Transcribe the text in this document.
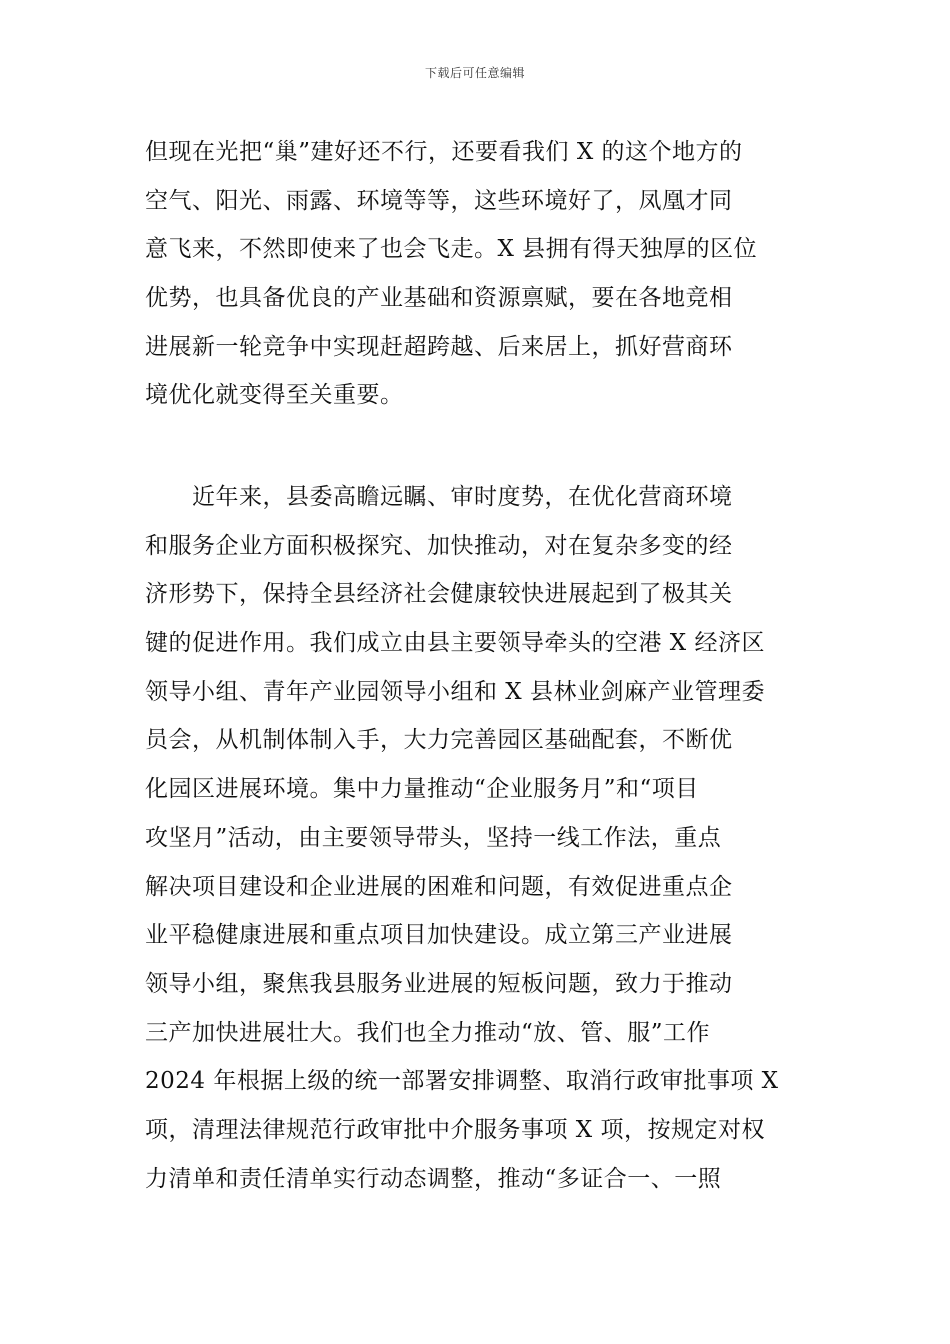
下载后可任意编辑
但现在光把“巢”建好还不行，还要看我们 X 的这个地方的
空气、阳光、雨露、环境等等，这些环境好了，凤凰才同
意飞来，不然即使来了也会飞走。X 县拥有得天独厚的区位
优势，也具备优良的产业基础和资源禀赋，要在各地竞相
进展新一轮竞争中实现赶超跨越、后来居上，抓好营商环
境优化就变得至关重要。
　　近年来，县委高瞻远瞩、审时度势，在优化营商环境
和服务企业方面积极探究、加快推动，对在复杂多变的经
济形势下，保持全县经济社会健康较快进展起到了极其关
键的促进作用。我们成立由县主要领导牵头的空港 X 经济区
领导小组、青年产业园领导小组和 X 县林业剑麻产业管理委
员会，从机制体制入手，大力完善园区基础配套，不断优
化园区进展环境。集中力量推动“企业服务月”和“项目
攻坚月”活动，由主要领导带头，坚持一线工作法，重点
解决项目建设和企业进展的困难和问题，有效促进重点企
业平稳健康进展和重点项目加快建设。成立第三产业进展
领导小组，聚焦我县服务业进展的短板问题，致力于推动
三产加快进展壮大。我们也全力推动“放、管、服”工作
2024 年根据上级的统一部署安排调整、取消行政审批事项 X
项，清理法律规范行政审批中介服务事项 X 项，按规定对权
力清单和责任清单实行动态调整，推动“多证合一、一照
